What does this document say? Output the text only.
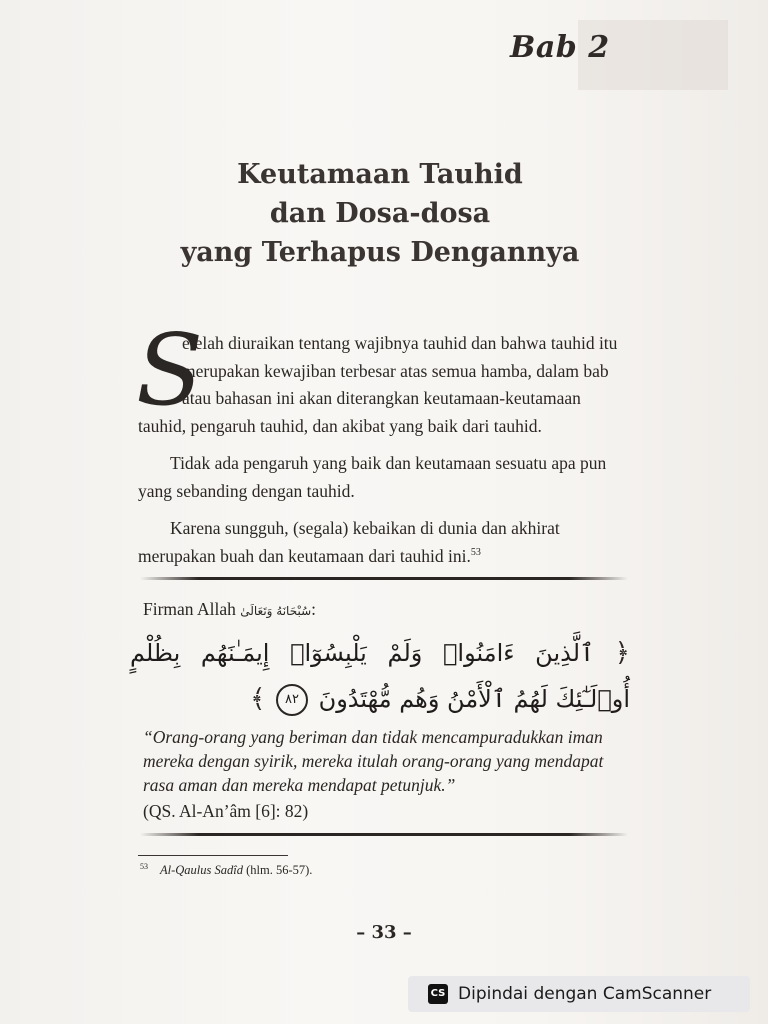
Bab 2
Keutamaan Tauhid
dan Dosa-dosa
yang Terhapus Dengannya

S
etelah diuraikan tentang wajibnya tauhid dan bahwa tauhid itu merupakan kewajiban terbesar atas semua hamba, dalam bab atau bahasan ini akan diterangkan keutamaan-keutamaan tauhid, pengaruh tauhid, dan akibat yang baik dari tauhid.

Tidak ada pengaruh yang baik dan keutamaan sesuatu apa pun yang sebanding dengan tauhid.

Karena sungguh, (segala) kebaikan di dunia dan akhirat merupakan buah dan keutamaan dari tauhid ini.$^{53}$

Firman Allah سُبْحَانَهُ وَتَعَالَىٰ:
﴿ ٱلَّذِينَ ءَامَنُوا۟ وَلَمْ يَلْبِسُوٓا۟ إِيمَـٰنَهُم بِظُلْمٍ أُو۟لَـٰٓئِكَ لَهُمُ ٱلْأَمْنُ وَهُم مُّهْتَدُونَ ٨٢ ﴾
“Orang-orang yang beriman dan tidak mencampuradukkan iman mereka dengan syirik, mereka itulah orang-orang yang mendapat rasa aman dan mereka mendapat petunjuk.”
(QS. Al-An’âm [6]: 82)
$^{53}$ Al-Qaulus Sadîd (hlm. 56-57).
– 33 –
CS Dipindai dengan CamScanner
